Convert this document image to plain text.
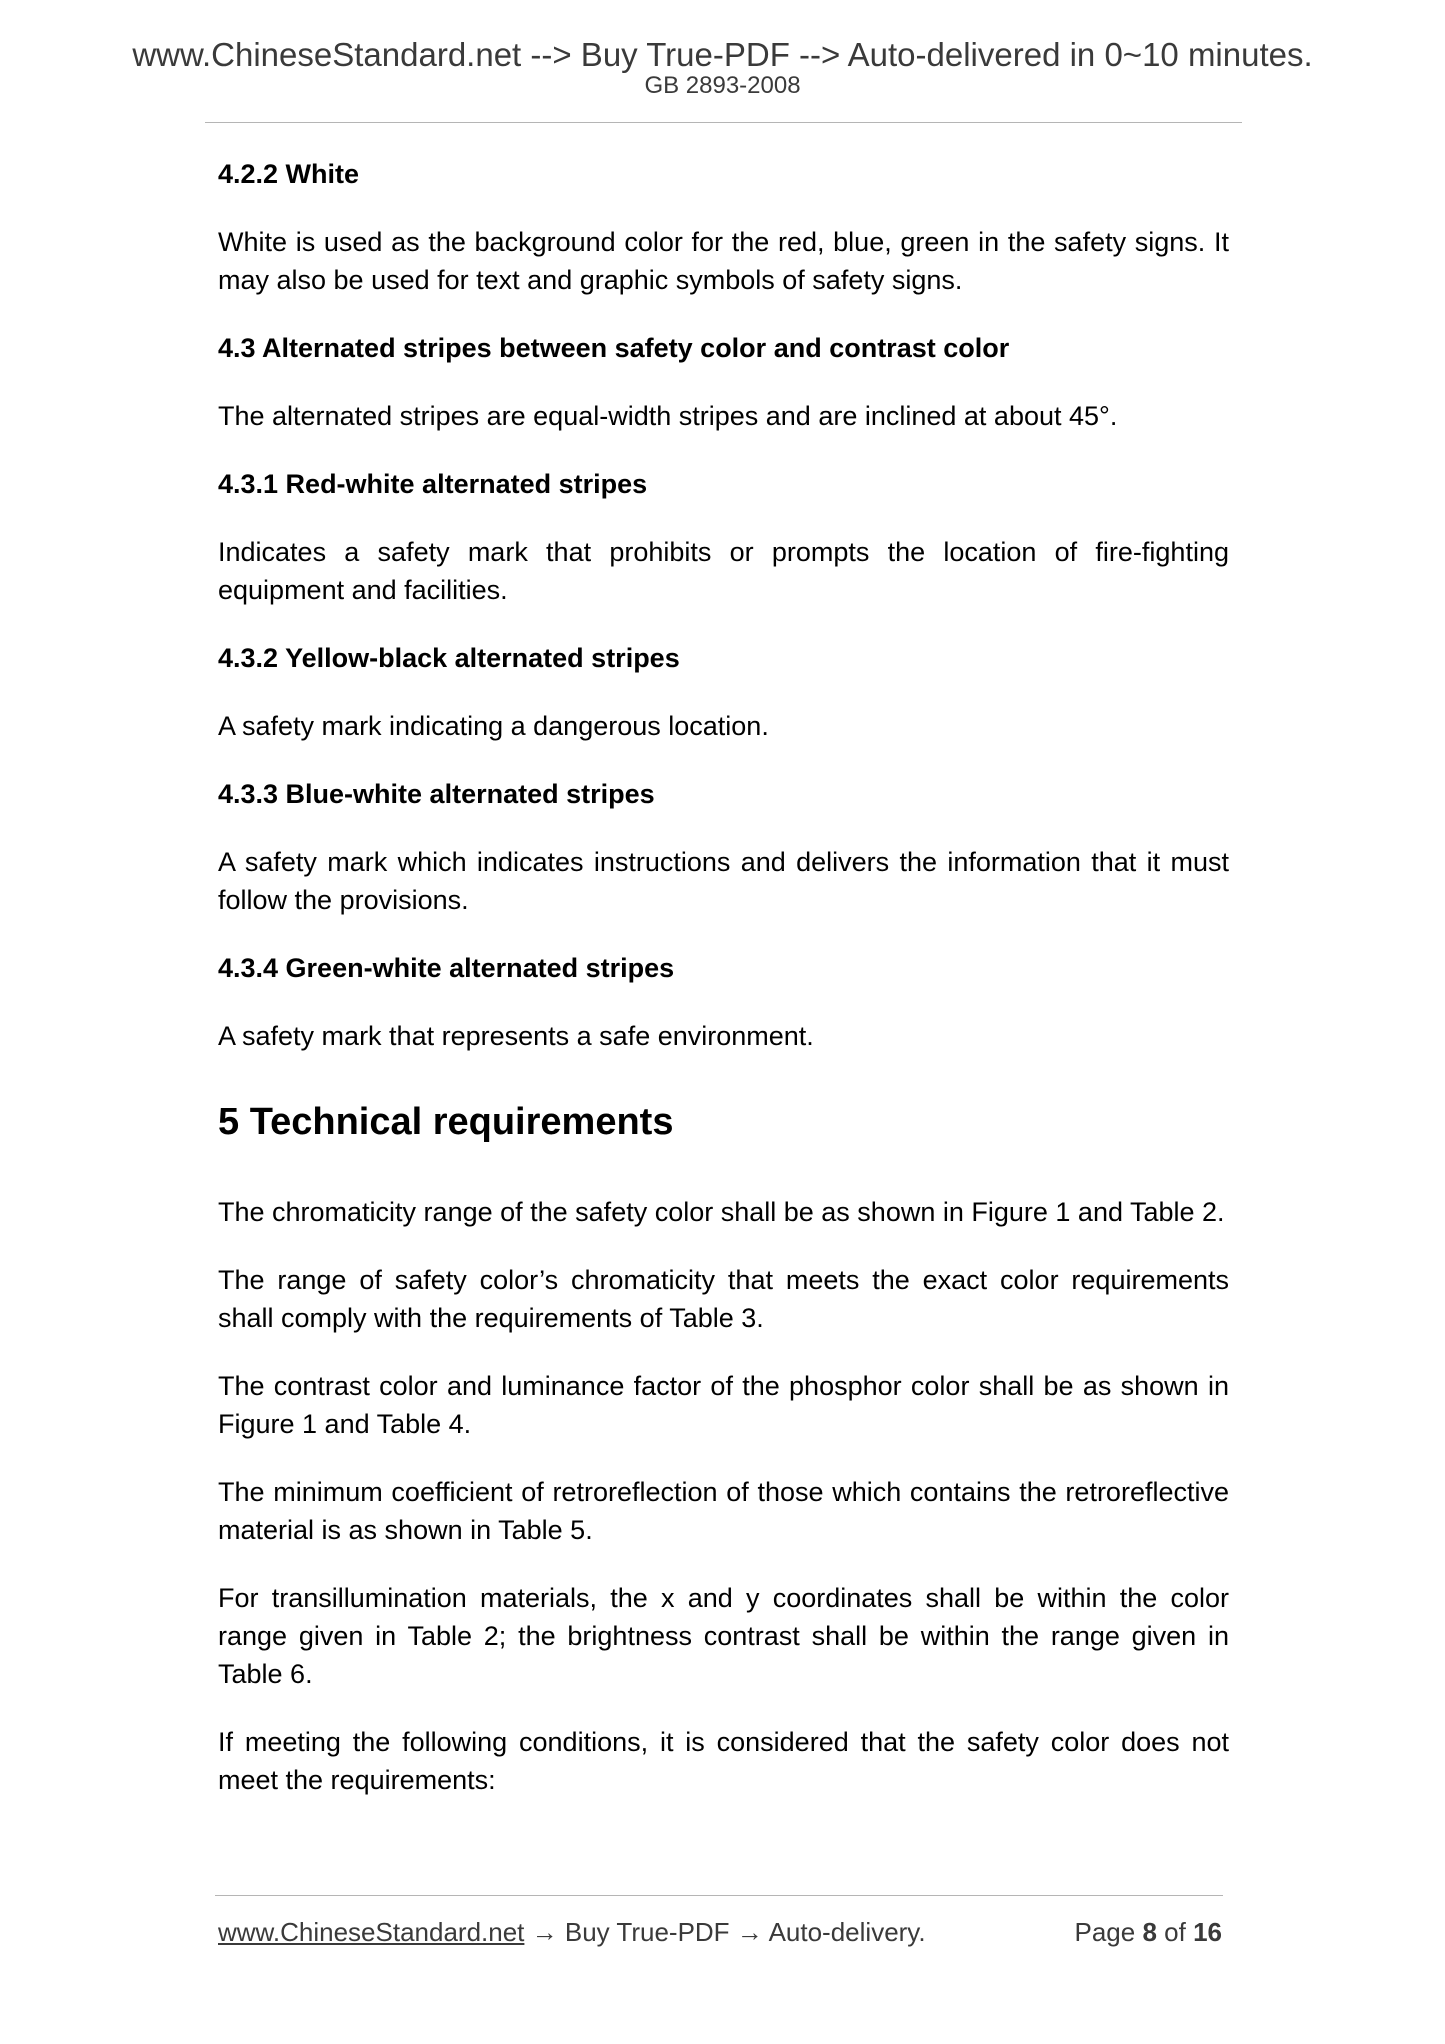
www.ChineseStandard.net --> Buy True-PDF --> Auto-delivered in 0~10 minutes.
GB 2893-2008
4.2.2 White
White is used as the background color for the red, blue, green in the safety signs. It may also be used for text and graphic symbols of safety signs.
4.3 Alternated stripes between safety color and contrast color
The alternated stripes are equal-width stripes and are inclined at about 45°.
4.3.1 Red-white alternated stripes
Indicates a safety mark that prohibits or prompts the location of fire-fighting equipment and facilities.
4.3.2 Yellow-black alternated stripes
A safety mark indicating a dangerous location.
4.3.3 Blue-white alternated stripes
A safety mark which indicates instructions and delivers the information that it must follow the provisions.
4.3.4 Green-white alternated stripes
A safety mark that represents a safe environment.
5 Technical requirements
The chromaticity range of the safety color shall be as shown in Figure 1 and Table 2.
The range of safety color’s chromaticity that meets the exact color requirements shall comply with the requirements of Table 3.
The contrast color and luminance factor of the phosphor color shall be as shown in Figure 1 and Table 4.
The minimum coefficient of retroreflection of those which contains the retroreflective material is as shown in Table 5.
For transillumination materials, the x and y coordinates shall be within the color range given in Table 2; the brightness contrast shall be within the range given in Table 6.
If meeting the following conditions, it is considered that the safety color does not meet the requirements:
www.ChineseStandard.net → Buy True-PDF → Auto-delivery.	Page 8 of 16
